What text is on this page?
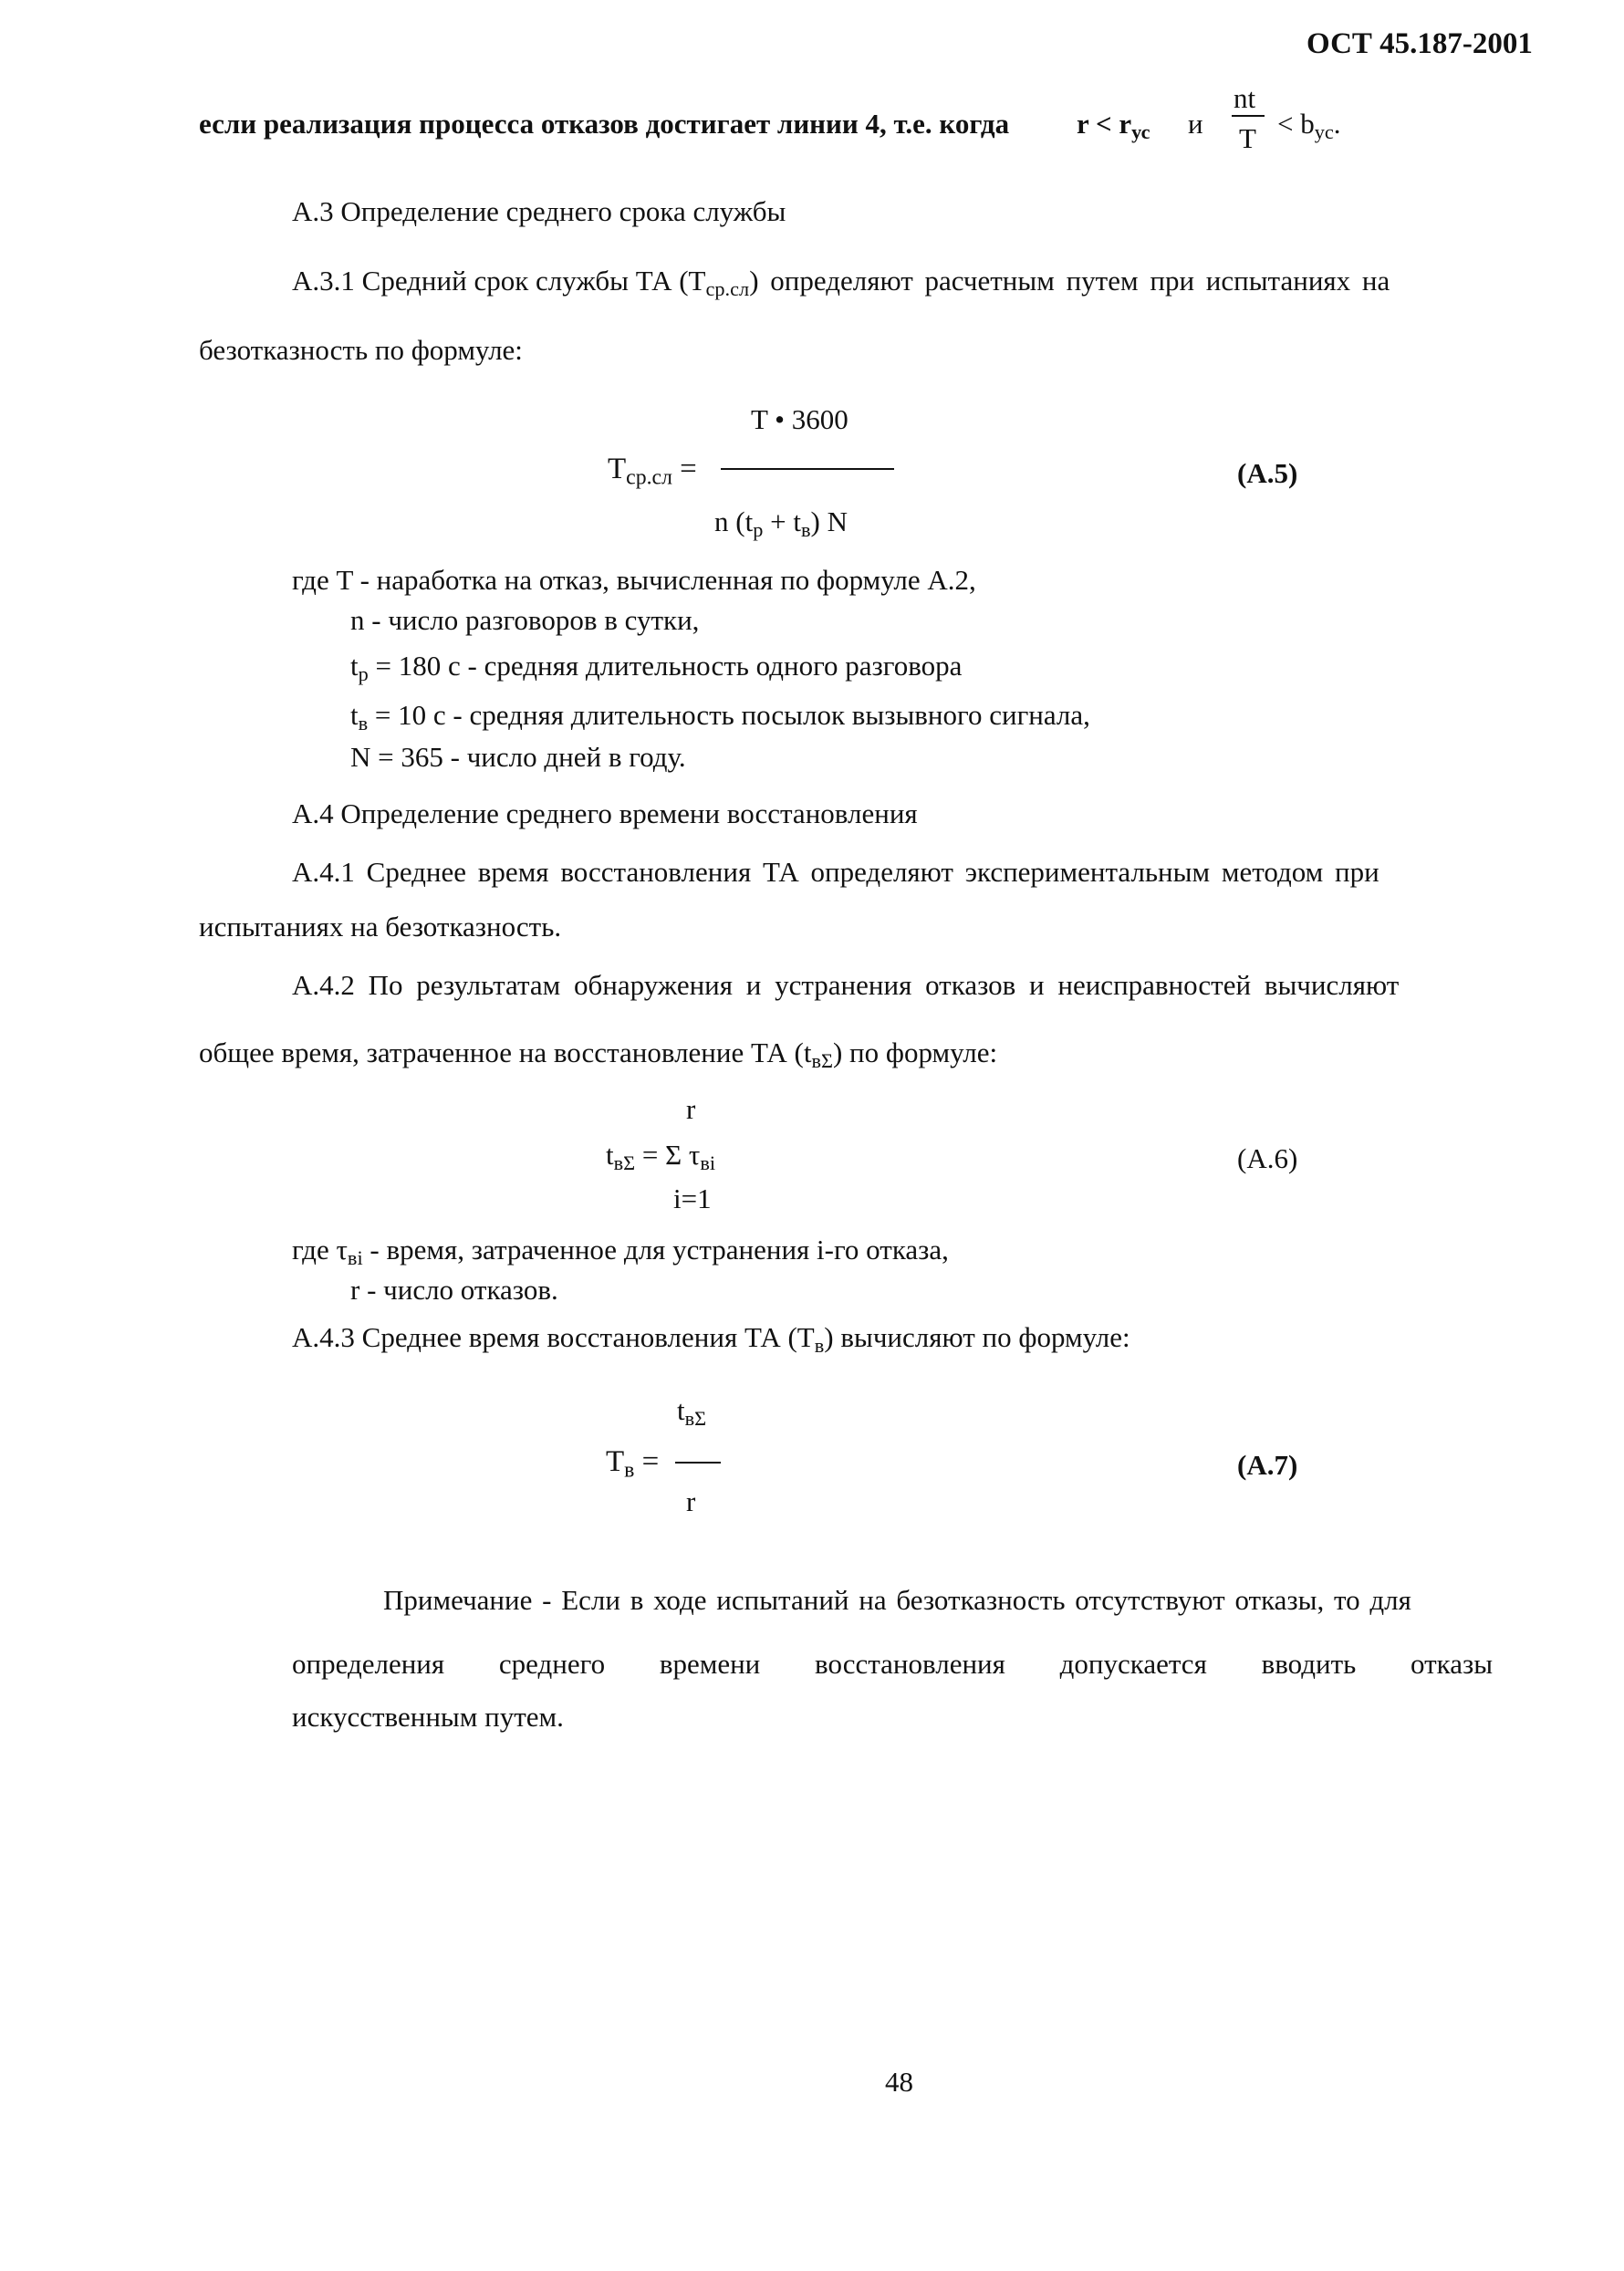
ОСТ 45.187-2001
если реализация процесса отказов достигает линии 4, т.е. когда $r < r_{ус}$ и
nt
$T < b_{ус}$.
А.3 Определение среднего срока службы
А.3.1 Средний срок службы ТА $(T_{ср.сл})$ определяют расчетным путем при испытаниях на
безотказность по формуле:
T • 3600
$T_{ср.сл}$ =
n $(t_р + t_в)$ N
(А.5)
где T - наработка на отказ, вычисленная по формуле А.2,
n - число разговоров в сутки,
$t_р = 180$ с - средняя длительность одного разговора
$t_в = 10$ с - средняя длительность посылок вызывного сигнала,
N = 365 - число дней в году.
А.4 Определение среднего времени восстановления
А.4.1 Среднее время восстановления ТА определяют экспериментальным методом при
испытаниях на безотказность.
А.4.2 По результатам обнаружения и устранения отказов и неисправностей вычисляют
общее время, затраченное на восстановление ТА $(t_{в\Sigma})$ по формуле:
r
$t_{в\Sigma} = \Sigma$ $\tau_{вi}$
i=1
(А.6)
где $\tau_{вi}$ - время, затраченное для устранения i-го отказа,
r - число отказов.
А.4.3 Среднее время восстановления ТА $(T_в)$ вычисляют по формуле:
$t_{в\Sigma}$
$T_в$ =
r
(А.7)
Примечание - Если в ходе испытаний на безотказность отсутствуют отказы, то для
определения среднего времени восстановления допускается вводить отказы
искусственным путем.
48
